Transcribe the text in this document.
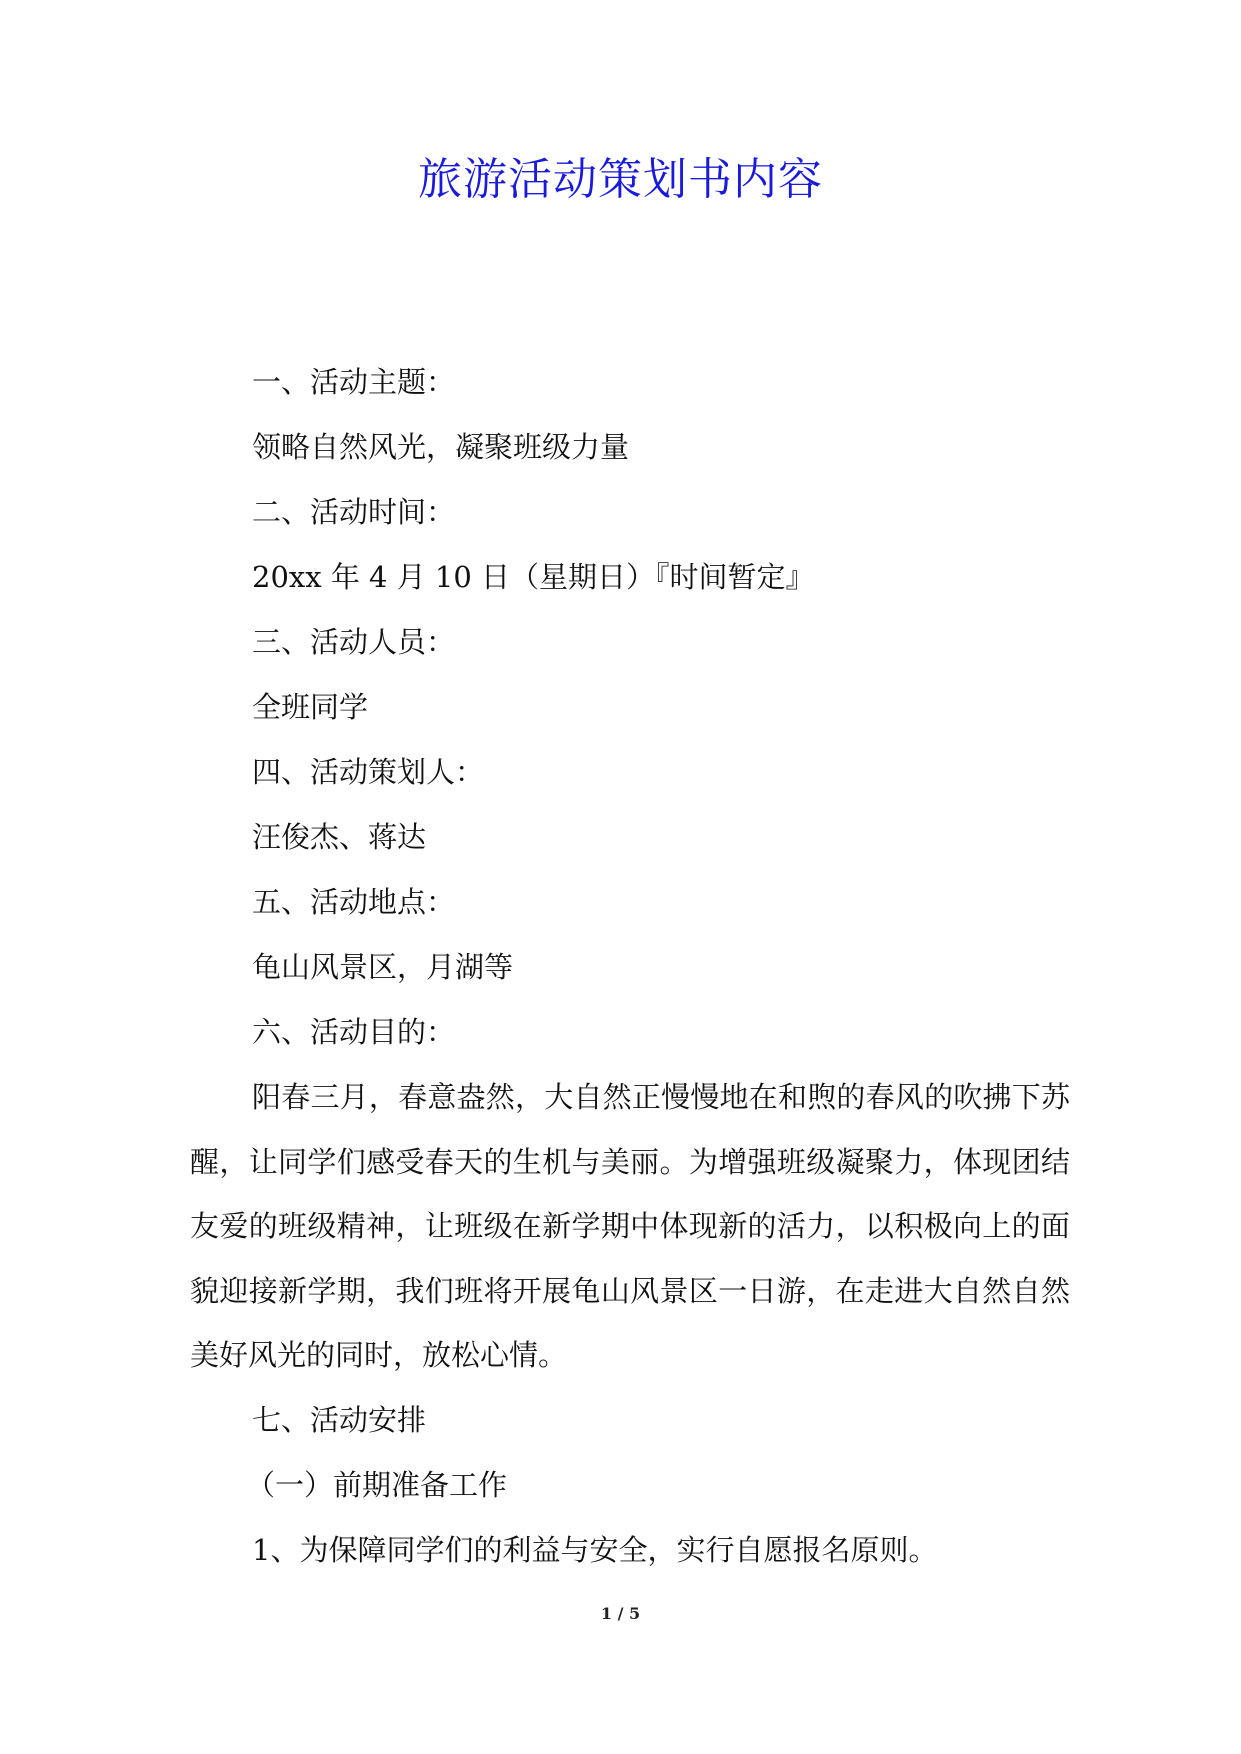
旅游活动策划书内容
一、活动主题：
领略自然风光，凝聚班级力量
二、活动时间：
20xx 年 4 月 10 日（星期日）『时间暂定』
三、活动人员：
全班同学
四、活动策划人：
汪俊杰、蒋达
五、活动地点：
龟山风景区，月湖等
六、活动目的：

阳春三月，春意盎然，大自然正慢慢地在和煦的春风的吹拂下苏醒，让同学们感受春天的生机与美丽。为增强班级凝聚力，体现团结友爱的班级精神，让班级在新学期中体现新的活力，以积极向上的面貌迎接新学期，我们班将开展龟山风景区一日游，在走进大自然自然美好风光的同时，放松心情。

七、活动安排
（一）前期准备工作
1、为保障同学们的利益与安全，实行自愿报名原则。
1 / 5
